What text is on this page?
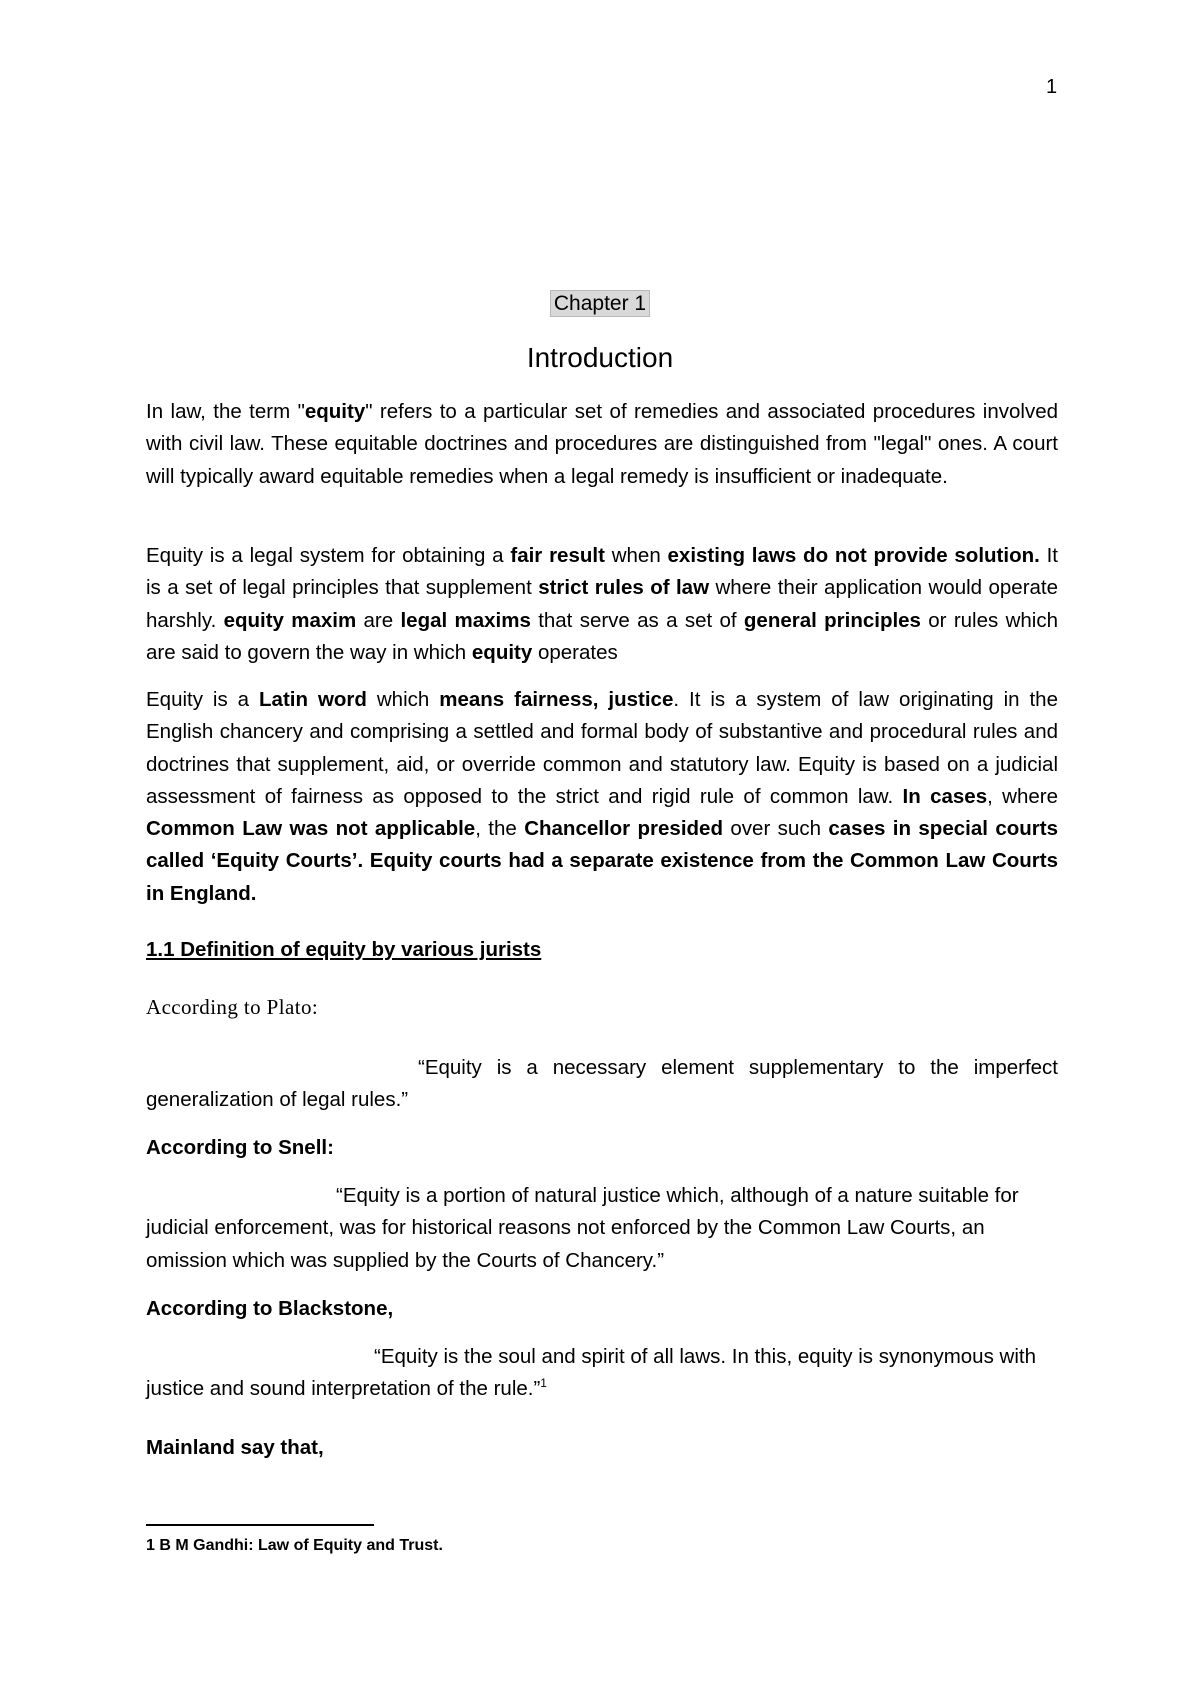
1
Chapter 1
Introduction

In law, the term "equity" refers to a particular set of remedies and associated procedures involved with civil law. These equitable doctrines and procedures are distinguished from "legal" ones. A court will typically award equitable remedies when a legal remedy is insufficient or inadequate.

Equity is a legal system for obtaining a fair result when existing laws do not provide solution. It is a set of legal principles that supplement strict rules of law where their application would operate harshly. equity maxim are legal maxims that serve as a set of general principles or rules which are said to govern the way in which equity operates

Equity is a Latin word which means fairness, justice. It is a system of law originating in the English chancery and comprising a settled and formal body of substantive and procedural rules and doctrines that supplement, aid, or override common and statutory law. Equity is based on a judicial assessment of fairness as opposed to the strict and rigid rule of common law. In cases, where Common Law was not applicable, the Chancellor presided over such cases in special courts called ‘Equity Courts’. Equity courts had a separate existence from the Common Law Courts in England.

1.1 Definition of equity by various jurists
According to Plato:

“Equity is a necessary element supplementary to the imperfect generalization of legal rules.”

According to Snell:

“Equity is a portion of natural justice which, although of a nature suitable for judicial enforcement, was for historical reasons not enforced by the Common Law Courts, an omission which was supplied by the Courts of Chancery.”

According to Blackstone,

“Equity is the soul and spirit of all laws. In this, equity is synonymous with justice and sound interpretation of the rule.”$^1$

Mainland say that,
1 B M Gandhi: Law of Equity and Trust.
